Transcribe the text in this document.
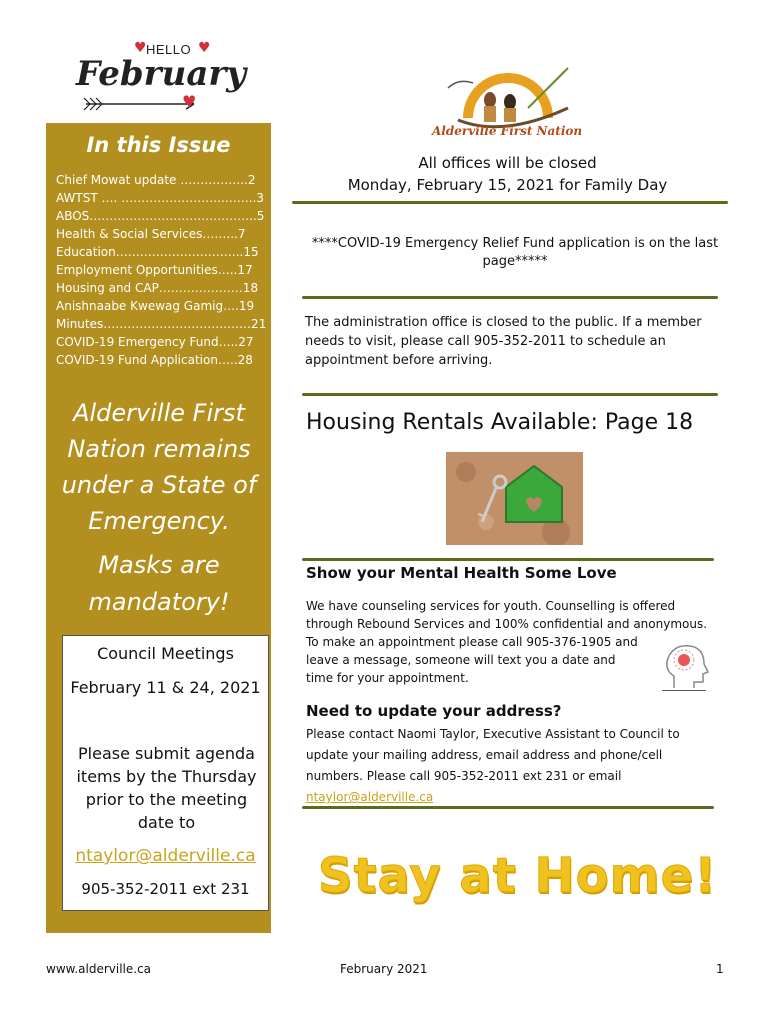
HELLO
♥	♥
February
♥
Alderville First Nation
In this Issue
Chief Mowat update ……………..2
AWTST …. ……………………..……..3
ABOS……………………….…………..5
Health & Social Services……...7
Education…………………………..15
Employment Opportunities…..17
Housing and CAP…………………18
Anishnaabe Kwewag Gamig….19
Minutes………………………….……21
COVID-19 Emergency Fund…..27
COVID-19 Fund Application…..28
Alderville First
Nation remains
under a State of
Emergency.
Masks are
mandatory!
Council Meetings
February 11 & 24, 2021
Please submit agenda
items by the Thursday
prior to the meeting
date to
ntaylor@alderville.ca
905-352-2011 ext 231
All offices will be closed
Monday, February 15, 2021 for Family Day
****COVID-19 Emergency Relief Fund application is on the last
page*****
The administration office is closed to the public. If a member needs to visit, please call 905-352-2011 to schedule an appointment before arriving.
Housing Rentals Available: Page 18
Show your Mental Health Some Love
We have counseling services for youth. Counselling is offered
through Rebound Services and 100% confidential and anonymous.
To make an appointment please call 905-376-1905 and
leave a message, someone will text you a date and
time for your appointment.
Need to update your address?
Please contact Naomi Taylor, Executive Assistant to Council to
update your mailing address, email address and phone/cell
numbers. Please call 905-352-2011 ext 231 or email
ntaylor@alderville.ca
Stay at Home!
www.alderville.ca	February 2021	1
